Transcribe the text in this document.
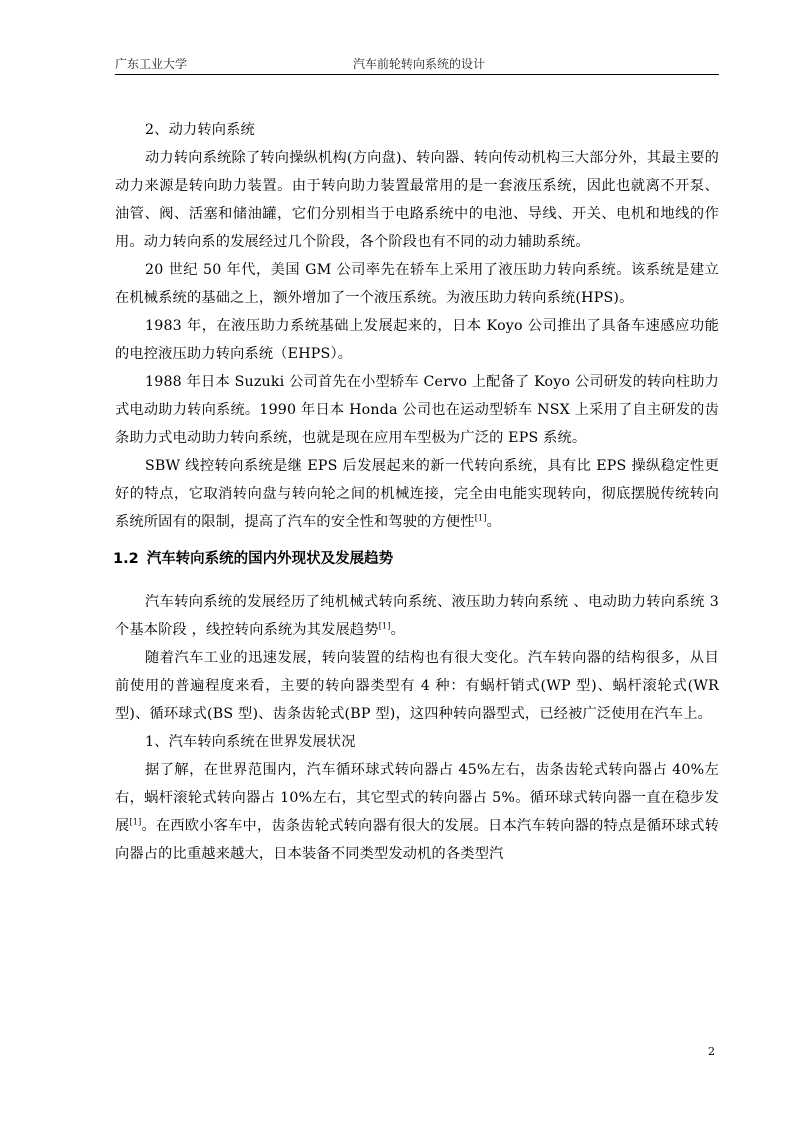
广东工业大学	汽车前轮转向系统的设计

2、动力转向系统

动力转向系统除了转向操纵机构(方向盘)、转向器、转向传动机构三大部分外，其最主要的动力来源是转向助力装置。由于转向助力装置最常用的是一套液压系统，因此也就离不开泵、油管、阀、活塞和储油罐，它们分别相当于电路系统中的电池、导线、开关、电机和地线的作用。动力转向系的发展经过几个阶段，各个阶段也有不同的动力辅助系统。

20 世纪 50 年代，美国 GM 公司率先在轿车上采用了液压助力转向系统。该系统是建立在机械系统的基础之上，额外增加了一个液压系统。为液压助力转向系统(HPS)。

1983 年，在液压助力系统基础上发展起来的，日本 Koyo 公司推出了具备车速感应功能的电控液压助力转向系统（EHPS）。

1988 年日本 Suzuki 公司首先在小型轿车 Cervo 上配备了 Koyo 公司研发的转向柱助力式电动助力转向系统。1990 年日本 Honda 公司也在运动型轿车 NSX 上采用了自主研发的齿条助力式电动助力转向系统，也就是现在应用车型极为广泛的 EPS 系统。

SBW 线控转向系统是继 EPS 后发展起来的新一代转向系统，具有比 EPS 操纵稳定性更好的特点，它取消转向盘与转向轮之间的机械连接，完全由电能实现转向，彻底摆脱传统转向系统所固有的限制，提高了汽车的安全性和驾驶的方便性[1]。

1.2 汽车转向系统的国内外现状及发展趋势

汽车转向系统的发展经历了纯机械式转向系统、液压助力转向系统 、电动助力转向系统 3 个基本阶段 ，线控转向系统为其发展趋势[1]。

随着汽车工业的迅速发展，转向装置的结构也有很大变化。汽车转向器的结构很多，从目前使用的普遍程度来看，主要的转向器类型有 4 种：有蜗杆销式(WP 型)、蜗杆滚轮式(WR 型)、循环球式(BS 型)、齿条齿轮式(BP 型)，这四种转向器型式，已经被广泛使用在汽车上。

1、汽车转向系统在世界发展状况

据了解，在世界范围内，汽车循环球式转向器占 45%左右，齿条齿轮式转向器占 40%左右，蜗杆滚轮式转向器占 10%左右，其它型式的转向器占 5%。循环球式转向器一直在稳步发展[1]。在西欧小客车中，齿条齿轮式转向器有很大的发展。日本汽车转向器的特点是循环球式转向器占的比重越来越大，日本装备不同类型发动机的各类型汽

2
